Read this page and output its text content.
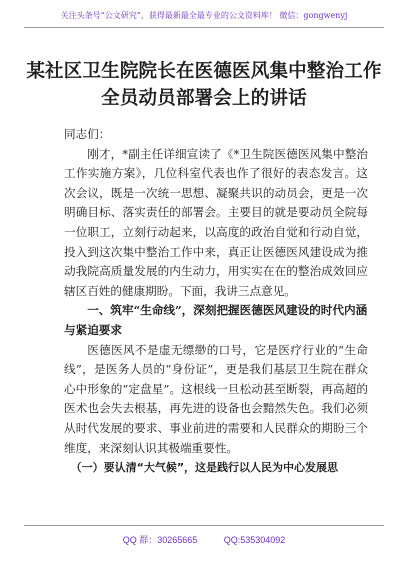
关注头条号“公文研究”，获得最新最全最专业的公文资料库！ 微信：gongwenyj
某社区卫生院院长在医德医风集中整治工作全员动员部署会上的讲话

同志们：

刚才，*副主任详细宣读了《*卫生院医德医风集中整治工作实施方案》，几位科室代表也作了很好的表态发言。这次会议，既是一次统一思想、凝聚共识的动员会，更是一次明确目标、落实责任的部署会。主要目的就是要动员全院每一位职工，立刻行动起来，以高度的政治自觉和行动自觉，投入到这次集中整治工作中来，真正让医德医风建设成为推动我院高质量发展的内生动力，用实实在在的整治成效回应辖区百姓的健康期盼。下面，我讲三点意见。

一、筑牢“生命线”，深刻把握医德医风建设的时代内涵与紧迫要求

医德医风不是虚无缥缈的口号，它是医疗行业的“生命线”，是医务人员的“身份证”，更是我们基层卫生院在群众心中形象的“定盘星”。这根线一旦松动甚至断裂，再高超的医术也会失去根基，再先进的设备也会黯然失色。我们必须从时代发展的要求、事业前进的需要和人民群众的期盼三个维度，来深刻认识其极端重要性。

（一）要认清“大气候”，这是践行以人民为中心发展思

QQ 群：30265665	QQ:535304092
